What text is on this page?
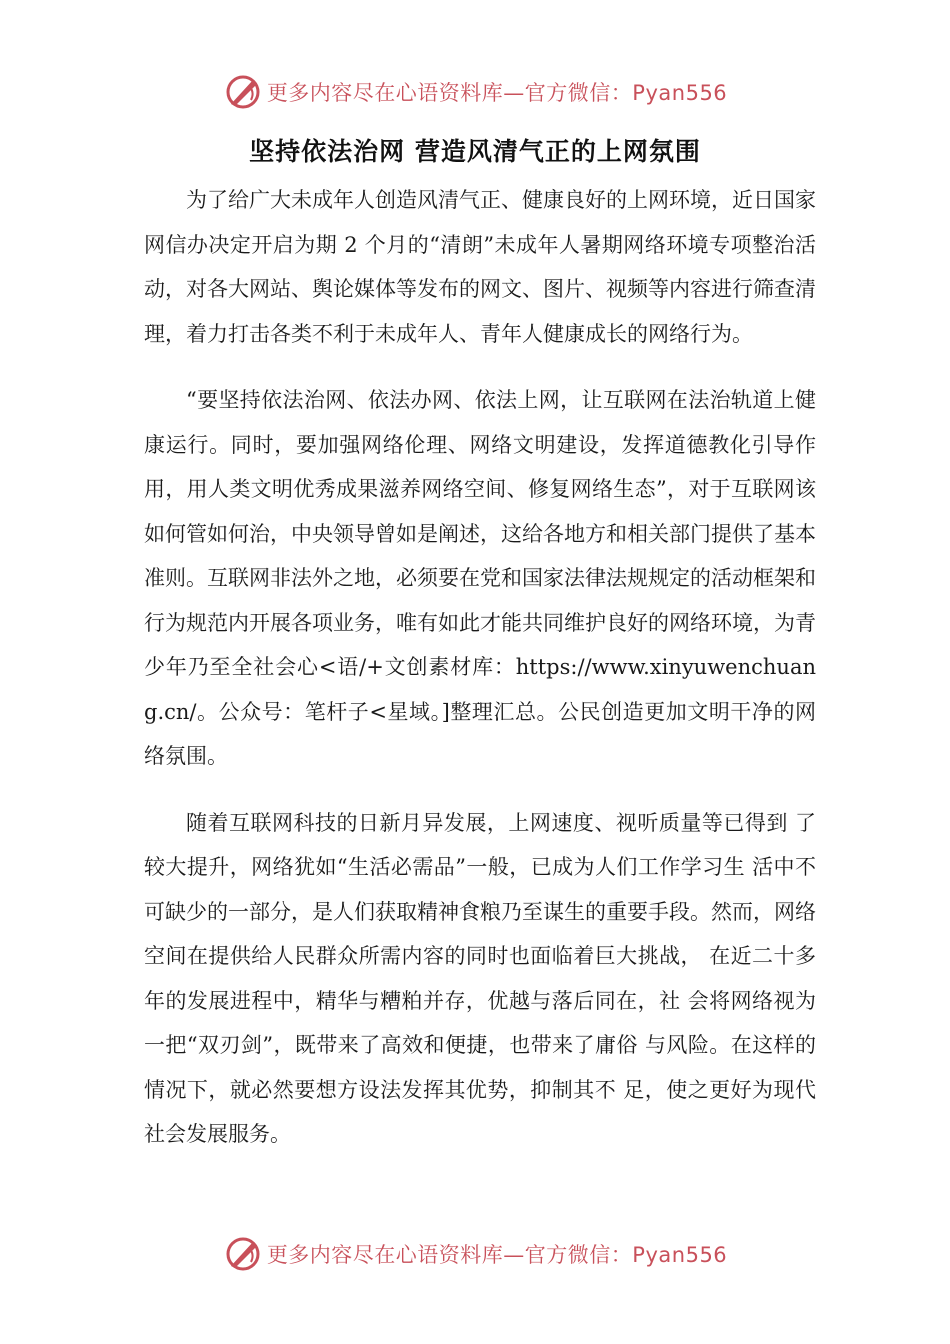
更多内容尽在心语资料库—官方微信：Pyan556
坚持依法治网 营造风清气正的上网氛围

为了给广大未成年人创造风清气正、健康良好的上网环境，近日国家网信办决定开启为期 2 个月的“清朗”未成年人暑期网络环境专项整治活动，对各大网站、舆论媒体等发布的网文、图片、视频等内容进行筛查清理，着力打击各类不利于未成年人、青年人健康成长的网络行为。

“要坚持依法治网、依法办网、依法上网，让互联网在法治轨道上健康运行。同时，要加强网络伦理、网络文明建设，发挥道德教化引导作用，用人类文明优秀成果滋养网络空间、修复网络生态”，对于互联网该如何管如何治，中央领导曾如是阐述，这给各地方和相关部门提供了基本准则。互联网非法外之地，必须要在党和国家法律法规规定的活动框架和行为规范内开展各项业务，唯有如此才能共同维护良好的网络环境，为青少年乃至全社会心<语/+文创素材库：https://www.xinyuwenchuang.cn/。公众号：笔杆子<星域。]整理汇总。公民创造更加文明干净的网络氛围。

随着互联网科技的日新月异发展，上网速度、视听质量等已得到 了较大提升，网络犹如“生活必需品”一般，已成为人们工作学习生 活中不可缺少的一部分，是人们获取精神食粮乃至谋生的重要手段。然而，网络空间在提供给人民群众所需内容的同时也面临着巨大挑战， 在近二十多年的发展进程中，精华与糟粕并存，优越与落后同在，社 会将网络视为一把“双刃剑”，既带来了高效和便捷，也带来了庸俗 与风险。在这样的情况下，就必然要想方设法发挥其优势，抑制其不 足，使之更好为现代社会发展服务。

更多内容尽在心语资料库—官方微信：Pyan556
